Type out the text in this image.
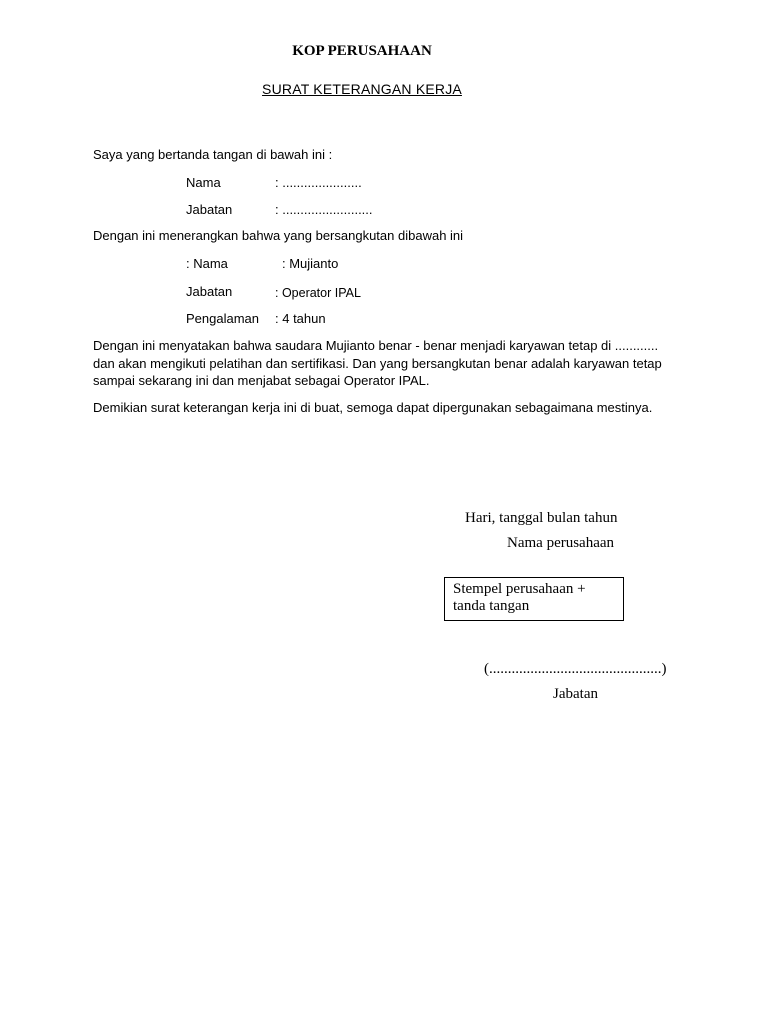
KOP PERUSAHAAN
SURAT KETERANGAN KERJA
Saya yang bertanda tangan di bawah ini :
Nama	: ......................
Jabatan	: .........................
Dengan ini menerangkan bahwa yang bersangkutan dibawah ini
: Nama	: Mujianto
Jabatan	: Operator IPAL
Pengalaman : 4 tahun
Dengan ini menyatakan bahwa saudara Mujianto benar - benar menjadi karyawan tetap di ............ dan akan mengikuti pelatihan dan sertifikasi. Dan yang bersangkutan benar adalah karyawan tetap sampai sekarang ini dan menjabat sebagai Operator IPAL.
Demikian surat keterangan kerja ini di buat, semoga dapat dipergunakan sebagaimana mestinya.
Hari, tanggal bulan tahun
Nama perusahaan
Stempel perusahaan + tanda tangan
(..............................................)
Jabatan
